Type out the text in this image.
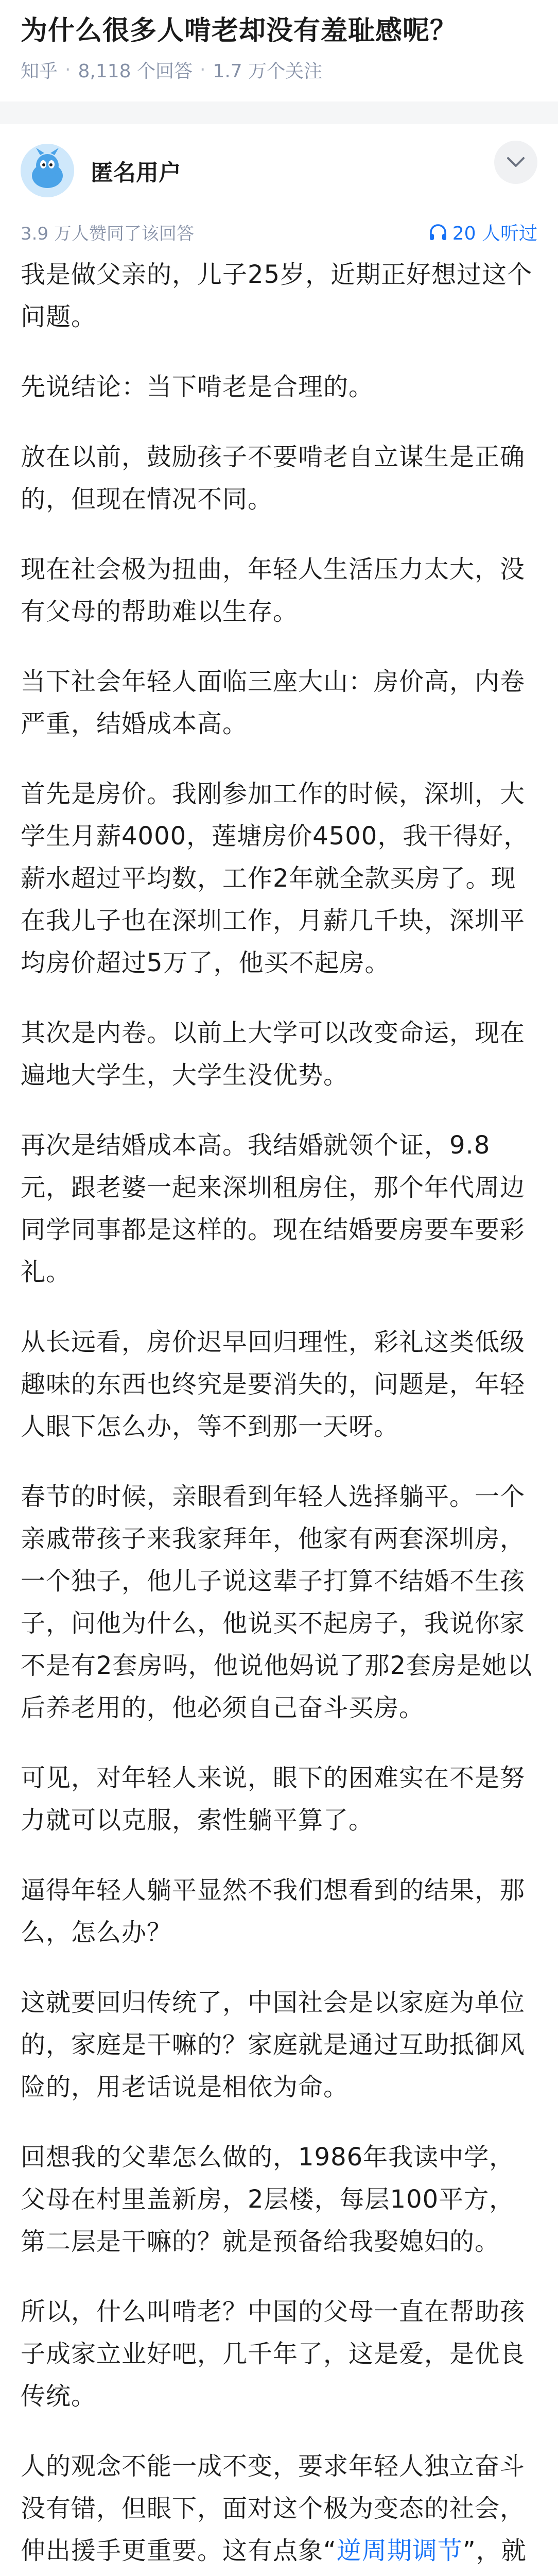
为什么很多人啃老却没有羞耻感呢？
知乎 · 8,118 个回答 · 1.7 万个关注
匿名用户
3.9 万人赞同了该回答	20 人听过

我是做父亲的，儿子25岁，近期正好想过这个问题。

先说结论：当下啃老是合理的。

放在以前，鼓励孩子不要啃老自立谋生是正确的，但现在情况不同。

现在社会极为扭曲，年轻人生活压力太大，没有父母的帮助难以生存。

当下社会年轻人面临三座大山：房价高，内卷严重，结婚成本高。

首先是房价。我刚参加工作的时候，深圳，大学生月薪4000，莲塘房价4500，我干得好，薪水超过平均数，工作2年就全款买房了。现在我儿子也在深圳工作，月薪几千块，深圳平均房价超过5万了，他买不起房。

其次是内卷。以前上大学可以改变命运，现在遍地大学生，大学生没优势。

再次是结婚成本高。我结婚就领个证，9.8元，跟老婆一起来深圳租房住，那个年代周边同学同事都是这样的。现在结婚要房要车要彩礼。

从长远看，房价迟早回归理性，彩礼这类低级趣味的东西也终究是要消失的，问题是，年轻人眼下怎么办，等不到那一天呀。

春节的时候，亲眼看到年轻人选择躺平。一个亲戚带孩子来我家拜年，他家有两套深圳房，一个独子，他儿子说这辈子打算不结婚不生孩子，问他为什么，他说买不起房子，我说你家不是有2套房吗，他说他妈说了那2套房是她以后养老用的，他必须自己奋斗买房。

可见，对年轻人来说，眼下的困难实在不是努力就可以克服，索性躺平算了。

逼得年轻人躺平显然不我们想看到的结果，那么，怎么办？

这就要回归传统了，中国社会是以家庭为单位的，家庭是干嘛的？家庭就是通过互助抵御风险的，用老话说是相依为命。

回想我的父辈怎么做的，1986年我读中学，父母在村里盖新房，2层楼，每层100平方，第二层是干嘛的？就是预备给我娶媳妇的。

所以，什么叫啃老？中国的父母一直在帮助孩子成家立业好吧，几千年了，这是爱，是优良传统。

人的观念不能一成不变，要求年轻人独立奋斗没有错，但眼下，面对这个极为变态的社会，伸出援手更重要。这有点象“逆周期调节”，就
